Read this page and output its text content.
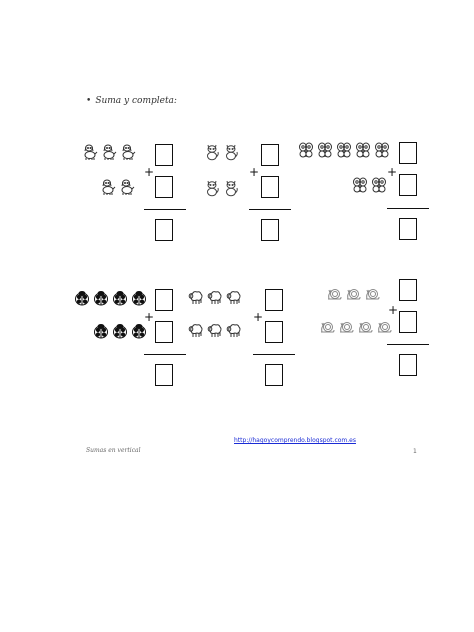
• Suma y completa:
+	+	+
+	+	+
Sumas en vertical
http://hagoycomprendo.blogspot.com.es
1
